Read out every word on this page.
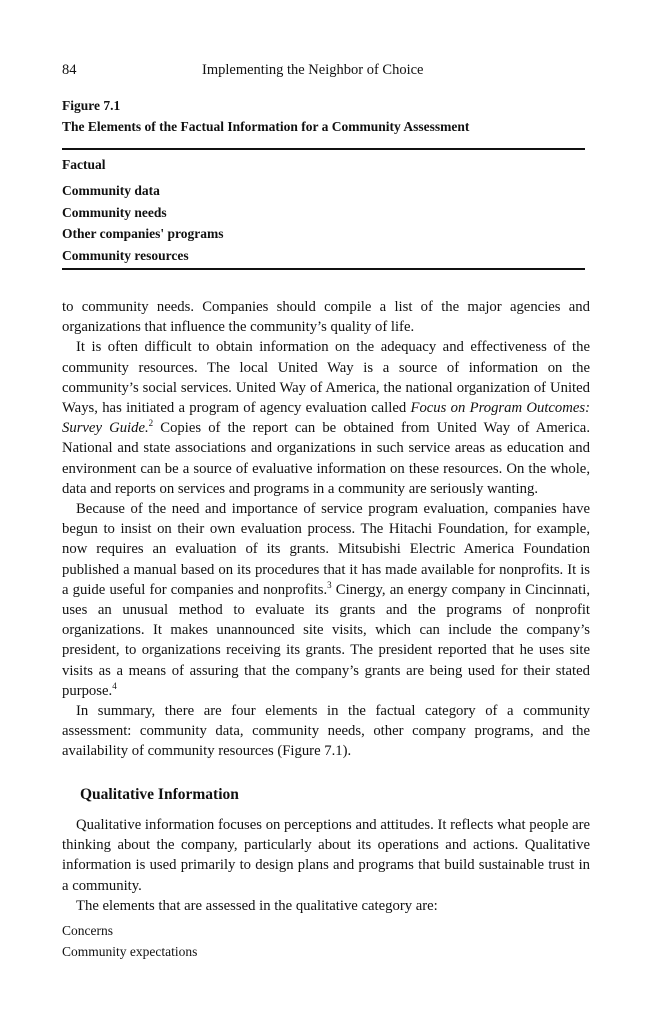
84	Implementing the Neighbor of Choice
Figure 7.1
The Elements of the Factual Information for a Community Assessment
Factual
Community data
Community needs
Other companies' programs
Community resources

to community needs. Companies should compile a list of the major agencies and organizations that influence the community’s quality of life.

It is often difficult to obtain information on the adequacy and effectiveness of the community resources. The local United Way is a source of information on the community’s social services. United Way of America, the national organization of United Ways, has initiated a program of agency evaluation called Focus on Program Outcomes: Survey Guide.$^2$ Copies of the report can be obtained from United Way of America. National and state associations and organizations in such service areas as education and environment can be a source of evaluative information on these resources. On the whole, data and reports on services and programs in a community are seriously wanting.

Because of the need and importance of service program evaluation, companies have begun to insist on their own evaluation process. The Hitachi Foundation, for example, now requires an evaluation of its grants. Mitsubishi Electric America Foundation published a manual based on its procedures that it has made available for nonprofits. It is a guide useful for companies and nonprofits.$^3$ Cinergy, an energy company in Cincinnati, uses an unusual method to evaluate its grants and the programs of nonprofit organizations. It makes unannounced site visits, which can include the company’s president, to organizations receiving its grants. The president reported that he uses site visits as a means of assuring that the company’s grants are being used for their stated purpose.$^4$

In summary, there are four elements in the factual category of a community assessment: community data, community needs, other company programs, and the availability of community resources (Figure 7.1).

Qualitative Information

Qualitative information focuses on perceptions and attitudes. It reflects what people are thinking about the company, particularly about its operations and actions. Qualitative information is used primarily to design plans and programs that build sustainable trust in a community.

The elements that are assessed in the qualitative category are:

Concerns
Community expectations
